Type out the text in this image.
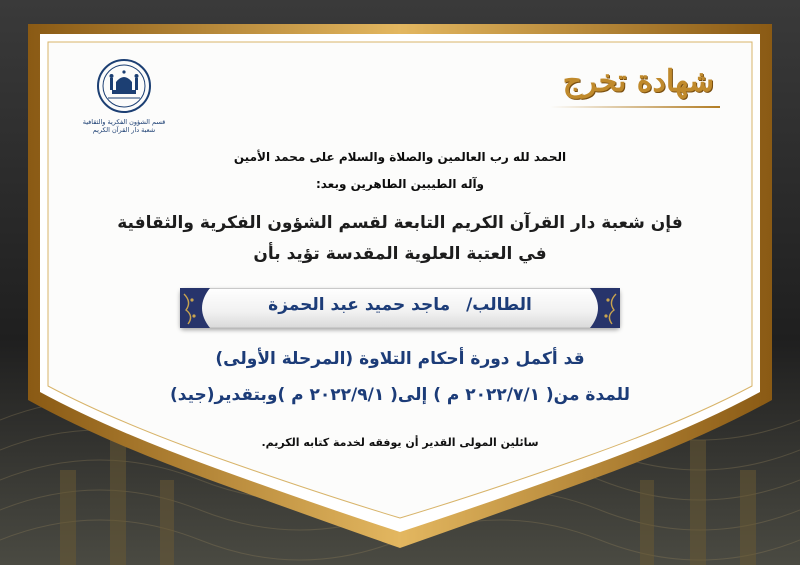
قسم الشؤون الفكرية والثقافية
شعبة دار القرآن الكريم
شهادة تخرج
الحمد لله رب العالمين والصلاة والسلام على محمد الأمين
وآله الطيبين الطاهرين وبعد:
فإن شعبة دار القرآن الكريم التابعة لقسم الشؤون الفكرية والثقافية
في العتبة العلوية المقدسة تؤيد بأن
الطالب/ ماجد حميد عبد الحمزة
قد أكمل دورة أحكام التلاوة (المرحلة الأولى)
للمدة من( ٢٠٢٢/٧/١ م ) إلى( ٢٠٢٢/٩/١ م )وبتقدير(جيد)
سائلين المولى القدير أن يوفقه لخدمة كتابه الكريم.
